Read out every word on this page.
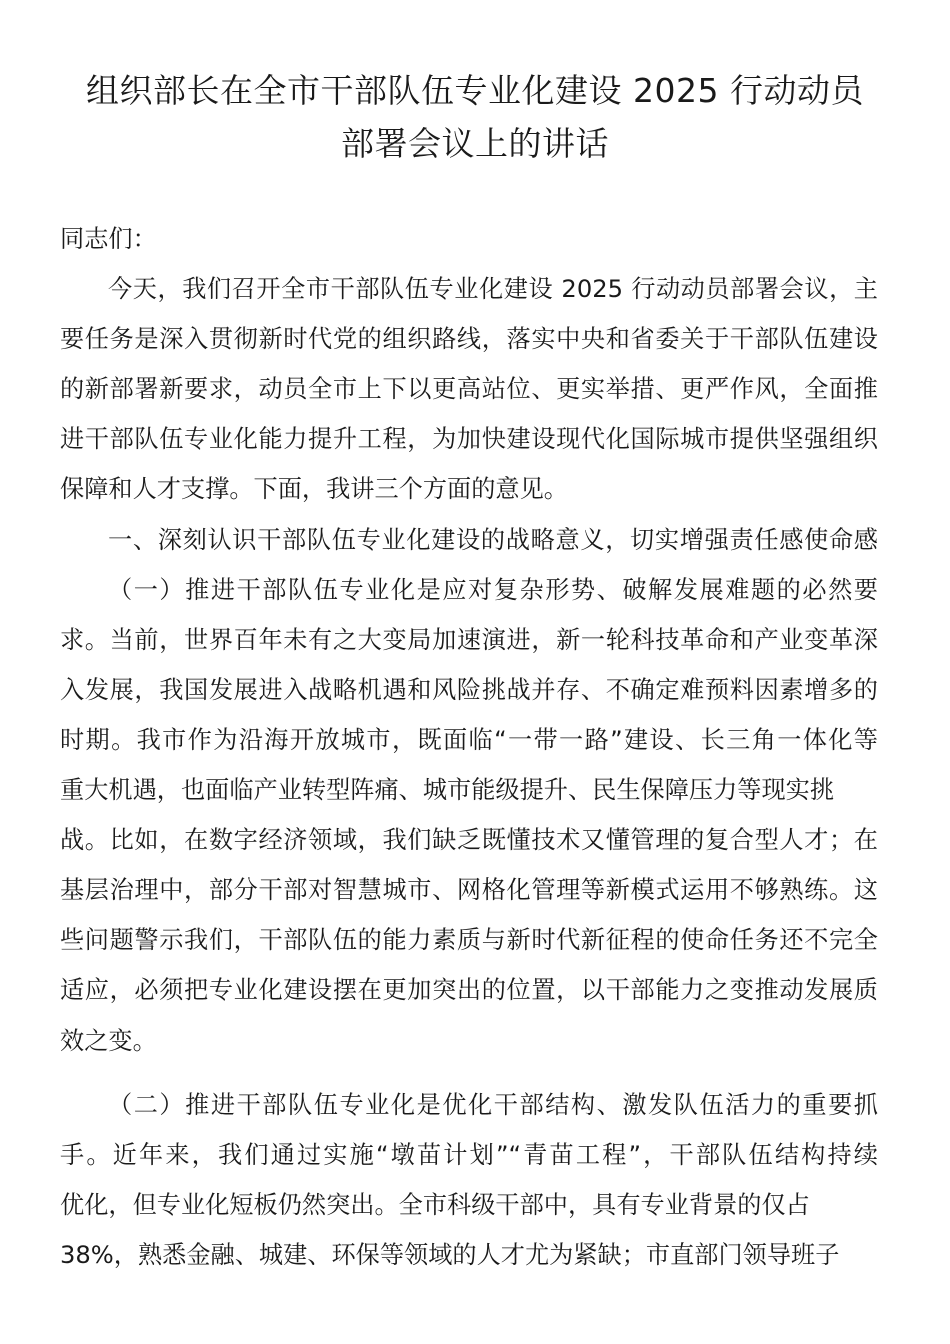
组织部长在全市干部队伍专业化建设 2025 行动动员
部署会议上的讲话
同志们：
今天，我们召开全市干部队伍专业化建设 2025 行动动员部署会议，主
要任务是深入贯彻新时代党的组织路线，落实中央和省委关于干部队伍建设
的新部署新要求，动员全市上下以更高站位、更实举措、更严作风，全面推
进干部队伍专业化能力提升工程，为加快建设现代化国际城市提供坚强组织
保障和人才支撑。下面，我讲三个方面的意见。
一、深刻认识干部队伍专业化建设的战略意义，切实增强责任感使命感
（一）推进干部队伍专业化是应对复杂形势、破解发展难题的必然要
求。当前，世界百年未有之大变局加速演进，新一轮科技革命和产业变革深
入发展，我国发展进入战略机遇和风险挑战并存、不确定难预料因素增多的
时期。我市作为沿海开放城市，既面临“一带一路”建设、长三角一体化等
重大机遇，也面临产业转型阵痛、城市能级提升、民生保障压力等现实挑
战。比如，在数字经济领域，我们缺乏既懂技术又懂管理的复合型人才；在
基层治理中，部分干部对智慧城市、网格化管理等新模式运用不够熟练。这
些问题警示我们，干部队伍的能力素质与新时代新征程的使命任务还不完全
适应，必须把专业化建设摆在更加突出的位置，以干部能力之变推动发展质
效之变。
（二）推进干部队伍专业化是优化干部结构、激发队伍活力的重要抓
手。近年来，我们通过实施“墩苗计划”“青苗工程”，干部队伍结构持续
优化，但专业化短板仍然突出。全市科级干部中，具有专业背景的仅占
38%，熟悉金融、城建、环保等领域的人才尤为紧缺；市直部门领导班子
